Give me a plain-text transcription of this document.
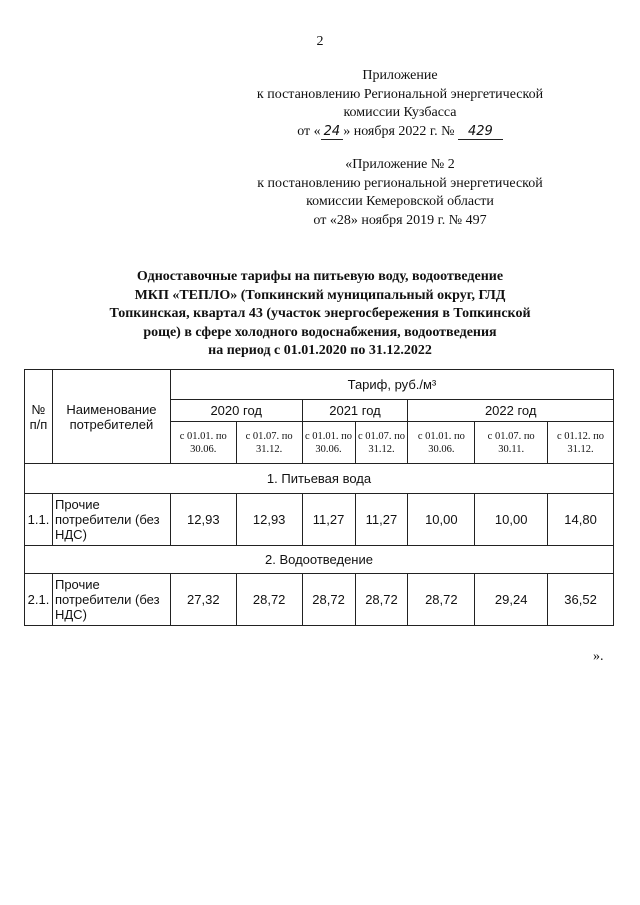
2
Приложение
к постановлению Региональной энергетической
комиссии Кузбасса
от « 24 » ноября 2022 г. № 429
«Приложение № 2
к постановлению региональной энергетической
комиссии Кемеровской области
от «28» ноября 2019 г. № 497
Одноставочные тарифы на питьевую воду, водоотведение
МКП «ТЕПЛО» (Топкинский муниципальный округ, ГЛД
Топкинская, квартал 43 (участок энергосбережения в Топкинской
роще) в сфере холодного водоснабжения, водоотведения
на период с 01.01.2020 по 31.12.2022
№ п/п	Наименование потребителей	Тариф, руб./м³						
		2020 год		2021 год		2022 год		
		с 01.01. по 30.06.	с 01.07. по 31.12.	с 01.01. по 30.06.	с 01.07. по 31.12.	с 01.01. по 30.06.	с 01.07. по 30.11.	с 01.12. по 31.12.
1. Питьевая вода								
1.1.	Прочие потребители (без НДС)	12,93	12,93	11,27	11,27	10,00	10,00	14,80
2. Водоотведение								
2.1.	Прочие потребители (без НДС)	27,32	28,72	28,72	28,72	28,72	29,24	36,52
».
